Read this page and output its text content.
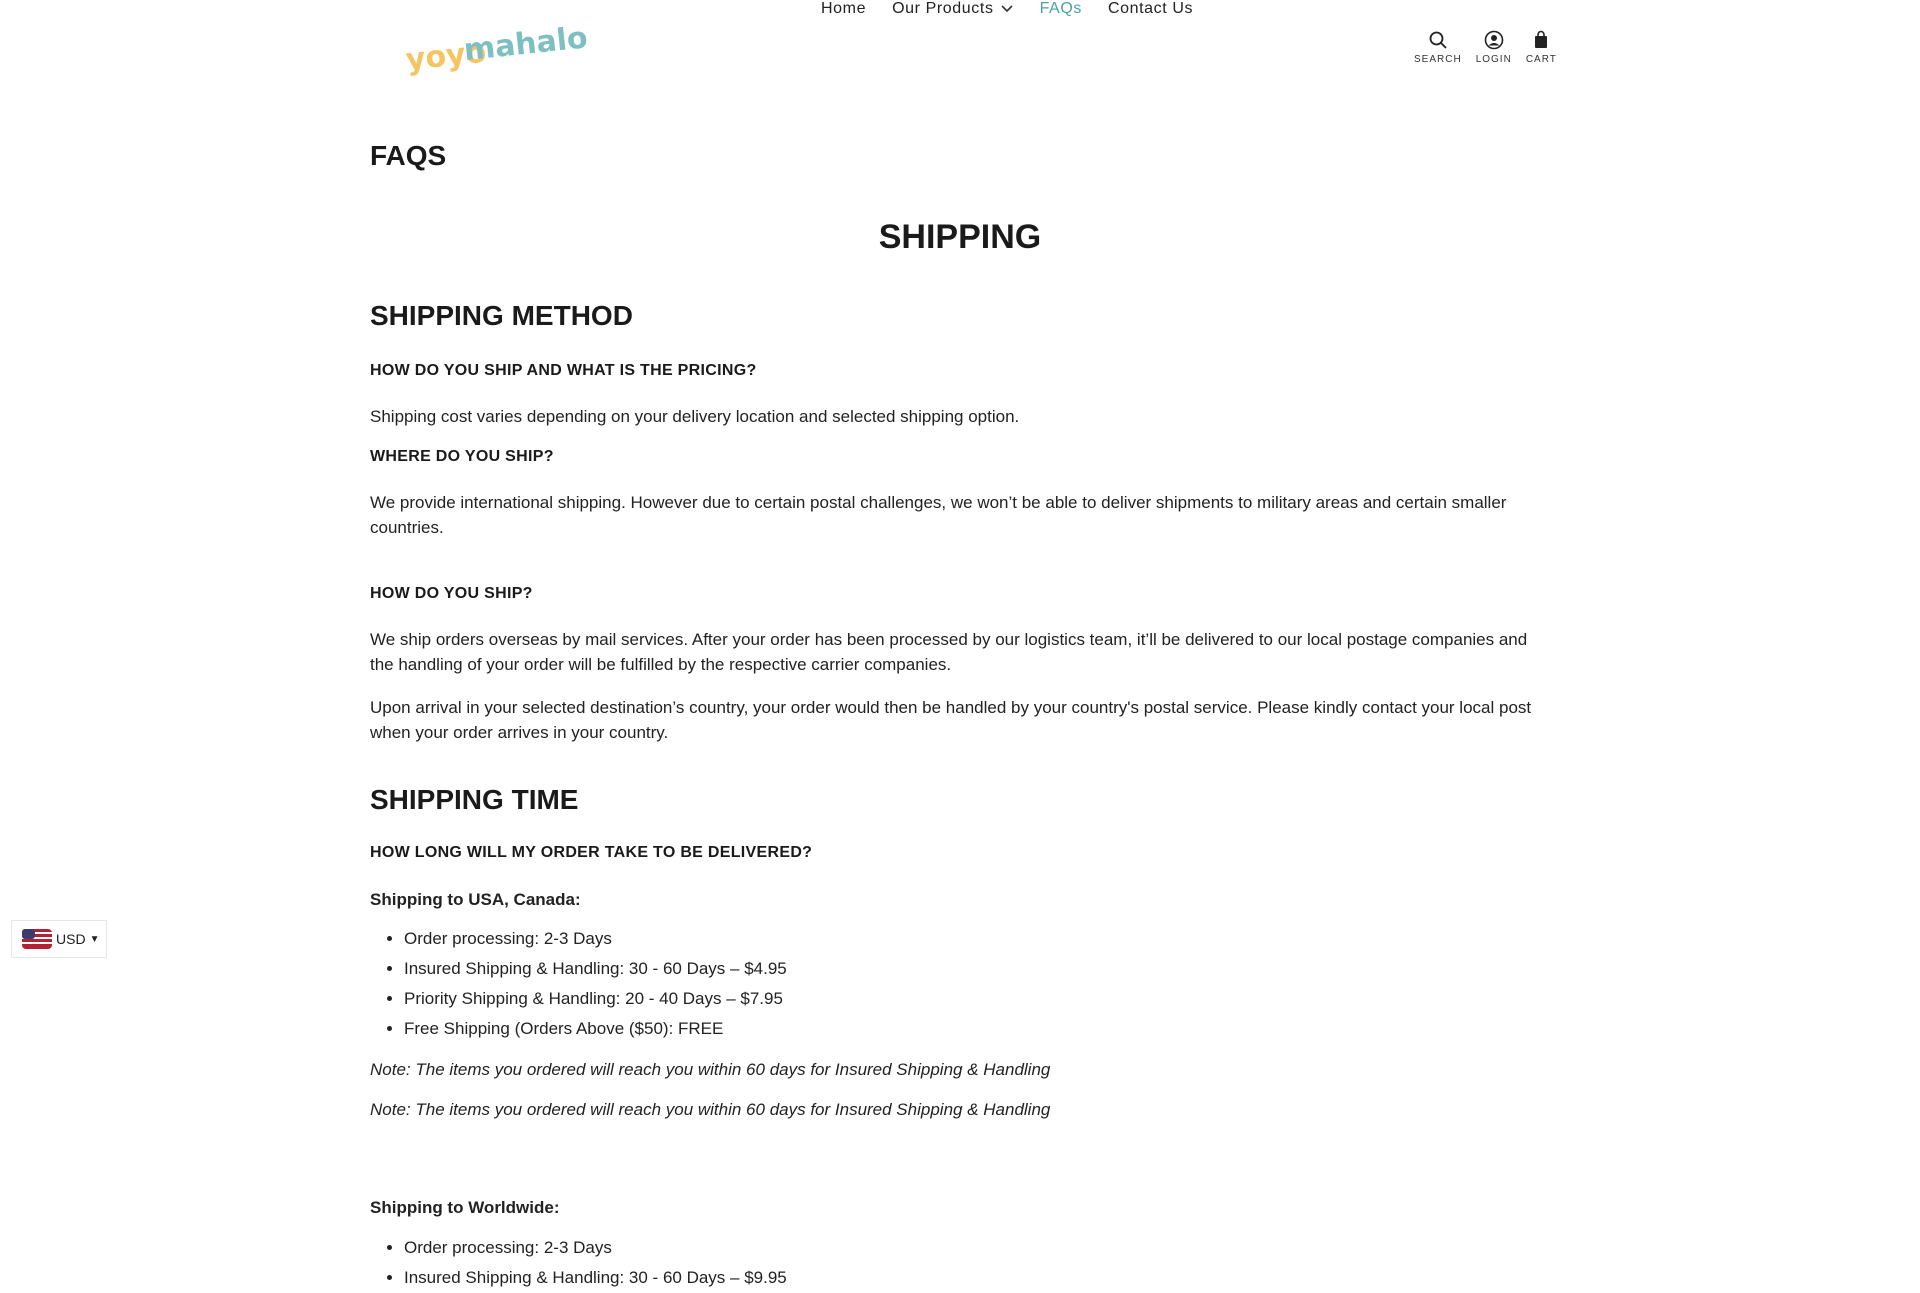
yoyo
mahalo
Home Our Products	FAQs Contact Us
SEARCH LOGIN CART
FAQS
SHIPPING
SHIPPING METHOD

HOW DO YOU SHIP AND WHAT IS THE PRICING?

Shipping cost varies depending on your delivery location and selected shipping option.

WHERE DO YOU SHIP?

We provide international shipping. However due to certain postal challenges, we won’t be able to deliver shipments to military areas and certain smaller countries.

HOW DO YOU SHIP?

We ship orders overseas by mail services. After your order has been processed by our logistics team, it’ll be delivered to our local postage companies and the handling of your order will be fulfilled by the respective carrier companies.

Upon arrival in your selected destination’s country, your order would then be handled by your country's postal service. Please kindly contact your local post when your order arrives in your country.

SHIPPING TIME

HOW LONG WILL MY ORDER TAKE TO BE DELIVERED?

Shipping to USA, Canada:

• Order processing: 2-3 Days
• Insured Shipping & Handling: 30 - 60 Days – $4.95
• Priority Shipping & Handling: 20 - 40 Days – $7.95
• Free Shipping (Orders Above ($50): FREE

Note: The items you ordered will reach you within 60 days for Insured Shipping & Handling

Note: The items you ordered will reach you within 60 days for Insured Shipping & Handling

Shipping to Worldwide:

• Order processing: 2-3 Days
• Insured Shipping & Handling: 30 - 60 Days – $9.95
USD ▼
